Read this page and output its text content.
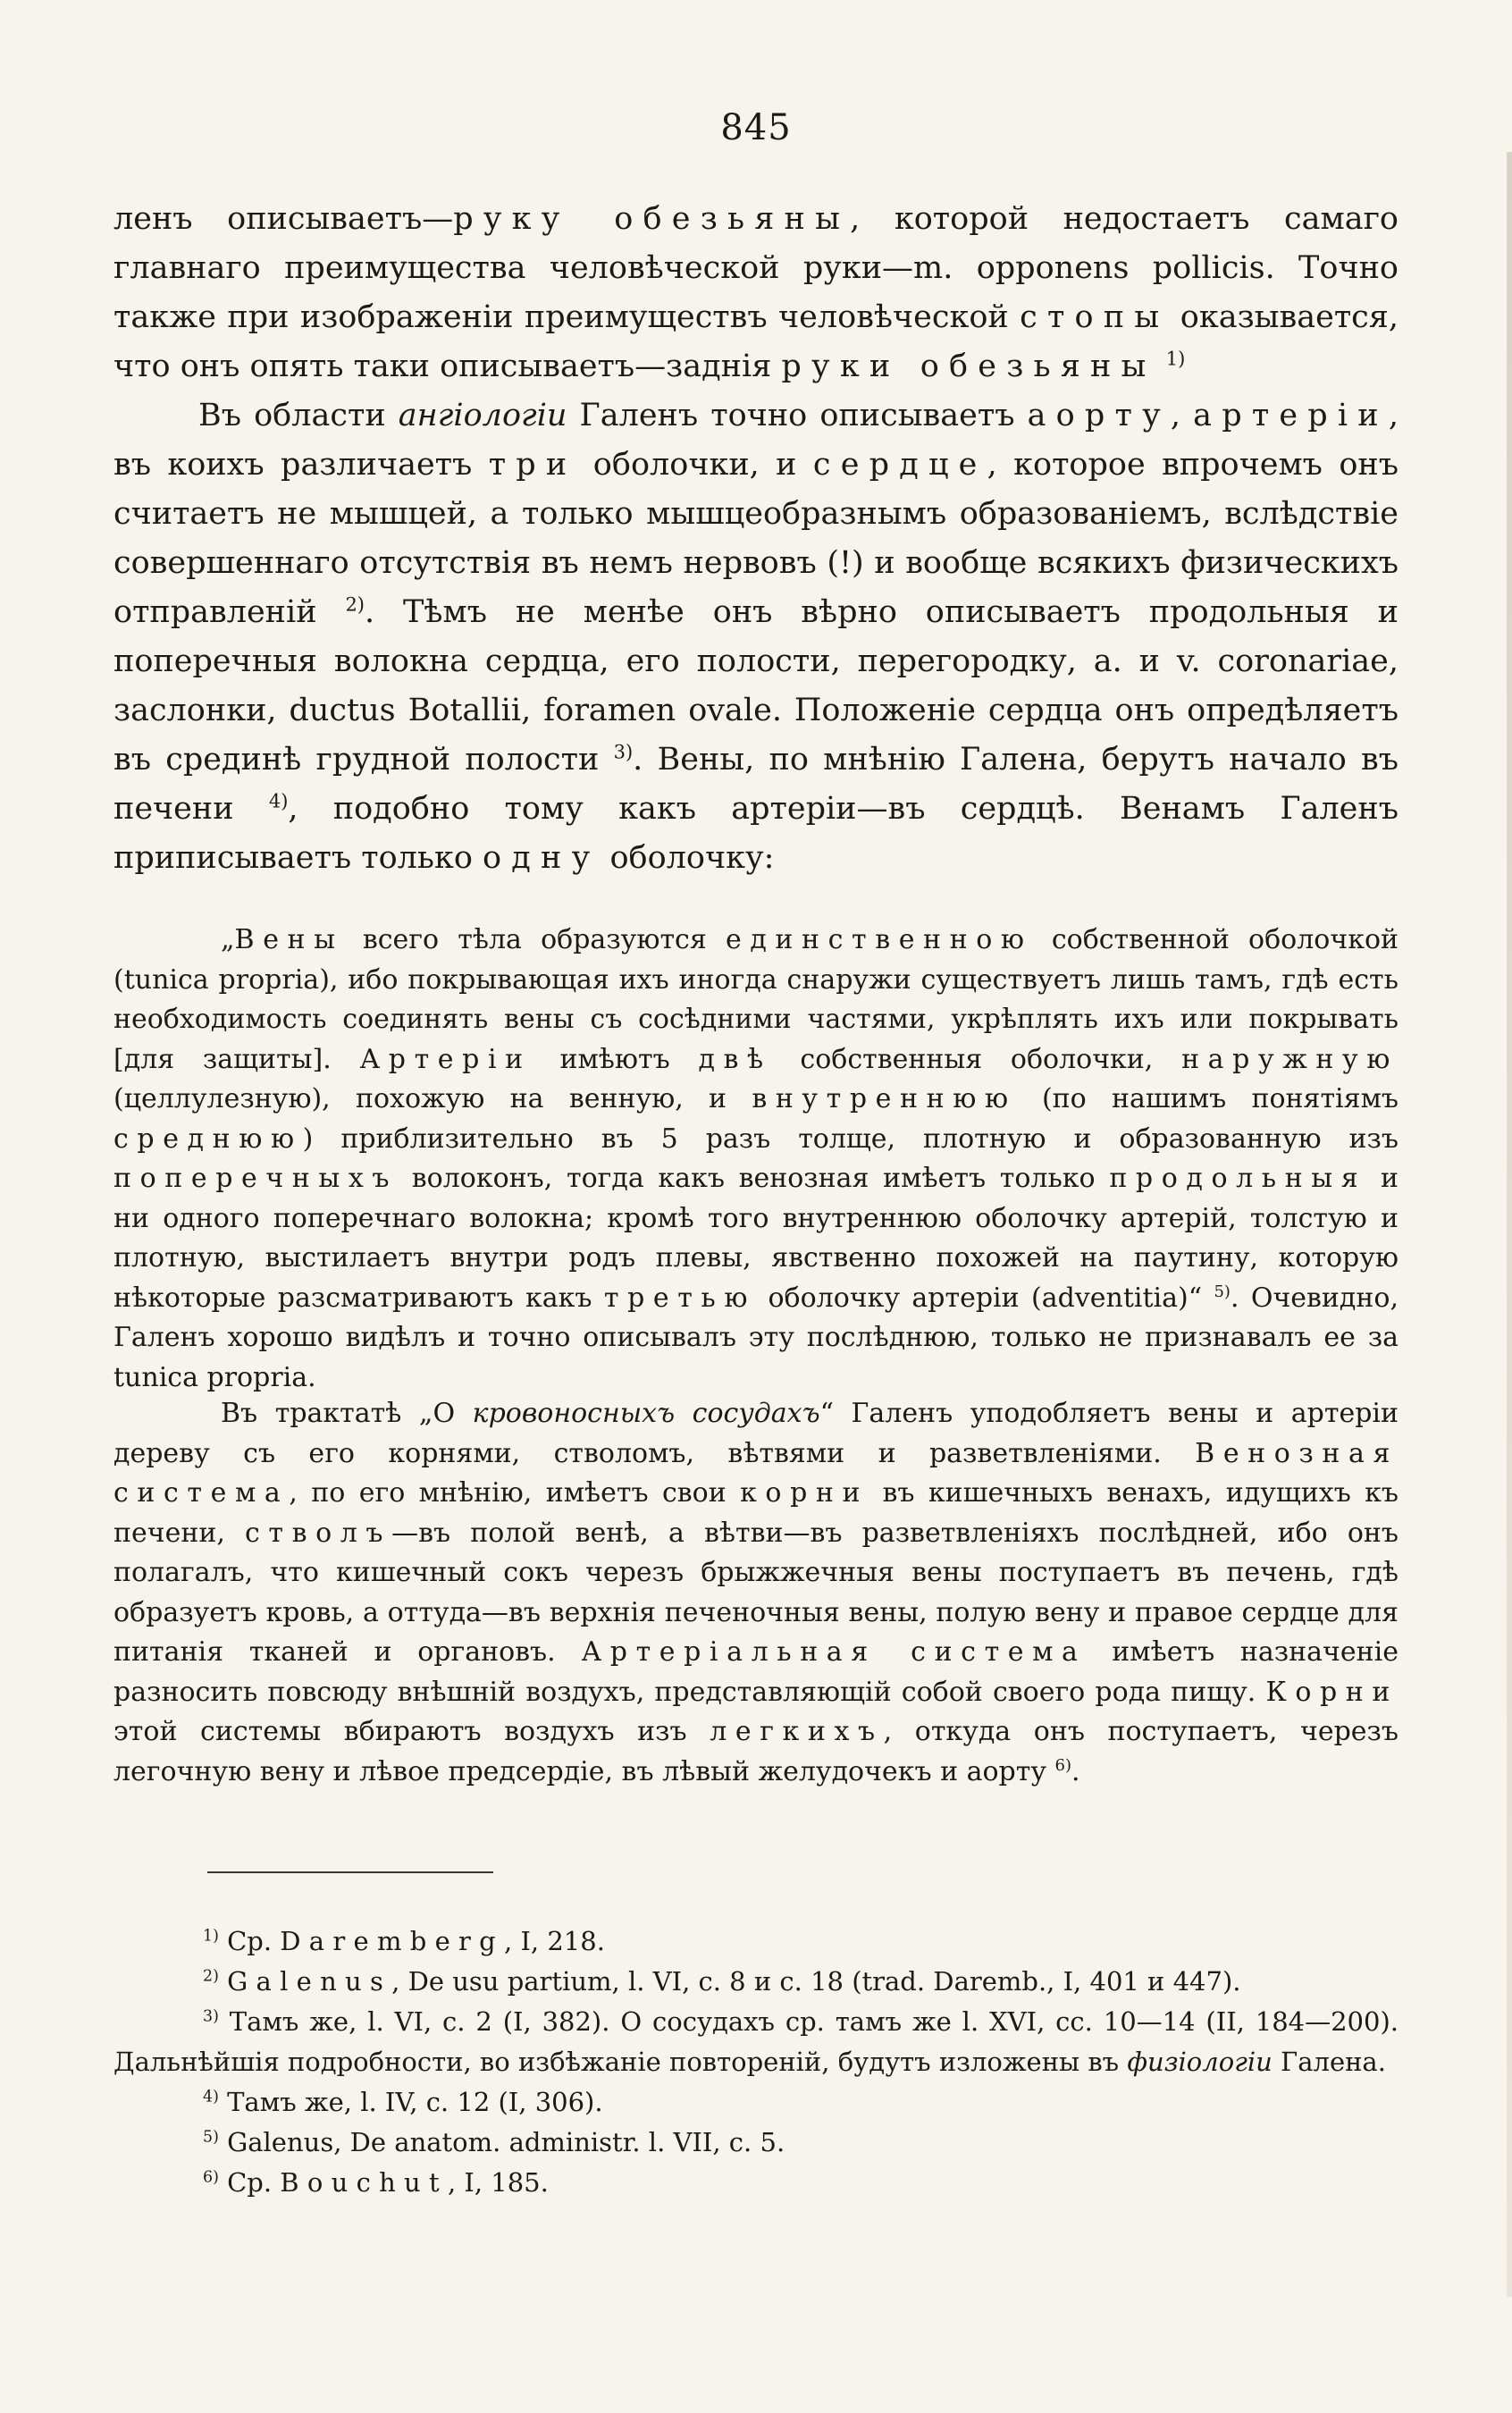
845

ленъ описываетъ—руку обезьяны, которой недостаетъ самаго главнаго преимущества человѣческой руки—m. opponens pollicis. Точно также при изображеніи преимуществъ человѣческой стопы оказывается, что онъ опять таки описываетъ—заднія руки обезьяны $^{1)}$

Въ области ангіологіи Галенъ точно описываетъ аорту, артеріи, въ коихъ различаетъ три оболочки, и сердце, которое впрочемъ онъ считаетъ не мышцей, а только мышцеобразнымъ образованіемъ, вслѣдствіе совершеннаго отсутствія въ немъ нервовъ (!) и вообще всякихъ физическихъ отправленій $^{2)}$. Тѣмъ не менѣе онъ вѣрно описываетъ продольныя и поперечныя волокна сердца, его полости, перегородку, a. и v. coronariae, заслонки, ductus Botallii, foramen ovale. Положеніе сердца онъ опредѣляетъ въ срединѣ грудной полости $^{3)}$. Вены, по мнѣнію Галена, берутъ начало въ печени $^{4)}$, подобно тому какъ артеріи—въ сердцѣ. Венамъ Галенъ приписываетъ только одну оболочку:

„Вены всего тѣла образуются единственною собственной оболочкой (tunica propria), ибо покрывающая ихъ иногда снаружи существуетъ лишь тамъ, гдѣ есть необходимость соединять вены съ сосѣдними частями, укрѣплять ихъ или покрывать [для защиты]. Артеріи имѣютъ двѣ собственныя оболочки, наружную (целлулезную), похожую на венную, и внутреннюю (по нашимъ понятіямъ среднюю) приблизительно въ 5 разъ толще, плотную и образованную изъ поперечныхъ волоконъ, тогда какъ венозная имѣетъ только продольныя и ни одного поперечнаго волокна; кромѣ того внутреннюю оболочку артерій, толстую и плотную, выстилаетъ внутри родъ плевы, явственно похожей на паутину, которую нѣкоторые разсматриваютъ какъ третью оболочку артеріи (adventitia)“ $^{5)}$. Очевидно, Галенъ хорошо видѣлъ и точно описывалъ эту послѣднюю, только не признавалъ ее за tunica propria.

Въ трактатѣ „О кровоносныхъ сосудахъ“ Галенъ уподобляетъ вены и артеріи дереву съ его корнями, стволомъ, вѣтвями и разветвленіями. Венозная система, по его мнѣнію, имѣетъ свои корни въ кишечныхъ венахъ, идущихъ къ печени, стволъ—въ полой венѣ, а вѣтви—въ разветвленіяхъ послѣдней, ибо онъ полагалъ, что кишечный сокъ черезъ брыжжечныя вены поступаетъ въ печень, гдѣ образуетъ кровь, а оттуда—въ верхнія печеночныя вены, полую вену и правое сердце для питанія тканей и органовъ. Артеріальная система имѣетъ назначеніе разносить повсюду внѣшній воздухъ, представляющій собой своего рода пищу. Корни этой системы вбираютъ воздухъ изъ легкихъ, откуда онъ поступаетъ, черезъ легочную вену и лѣвое предсердіе, въ лѣвый желудочекъ и аорту $^{6)}$.

$^{1)}$ Ср. Daremberg, I, 218.

$^{2)}$ Galenus, De usu partium, l. VI, c. 8 и c. 18 (trad. Daremb., I, 401 и 447).

$^{3)}$ Тамъ же, l. VI, c. 2 (I, 382). О сосудахъ ср. тамъ же l. XVI, cc. 10—14 (II, 184—200). Дальнѣйшія подробности, во избѣжаніе повтореній, будутъ изложены въ физіологіи Галена.

$^{4)}$ Тамъ же, l. IV, c. 12 (I, 306).

$^{5)}$ Galenus, De anatom. administr. l. VII, c. 5.

$^{6)}$ Ср. Bouchut, I, 185.
